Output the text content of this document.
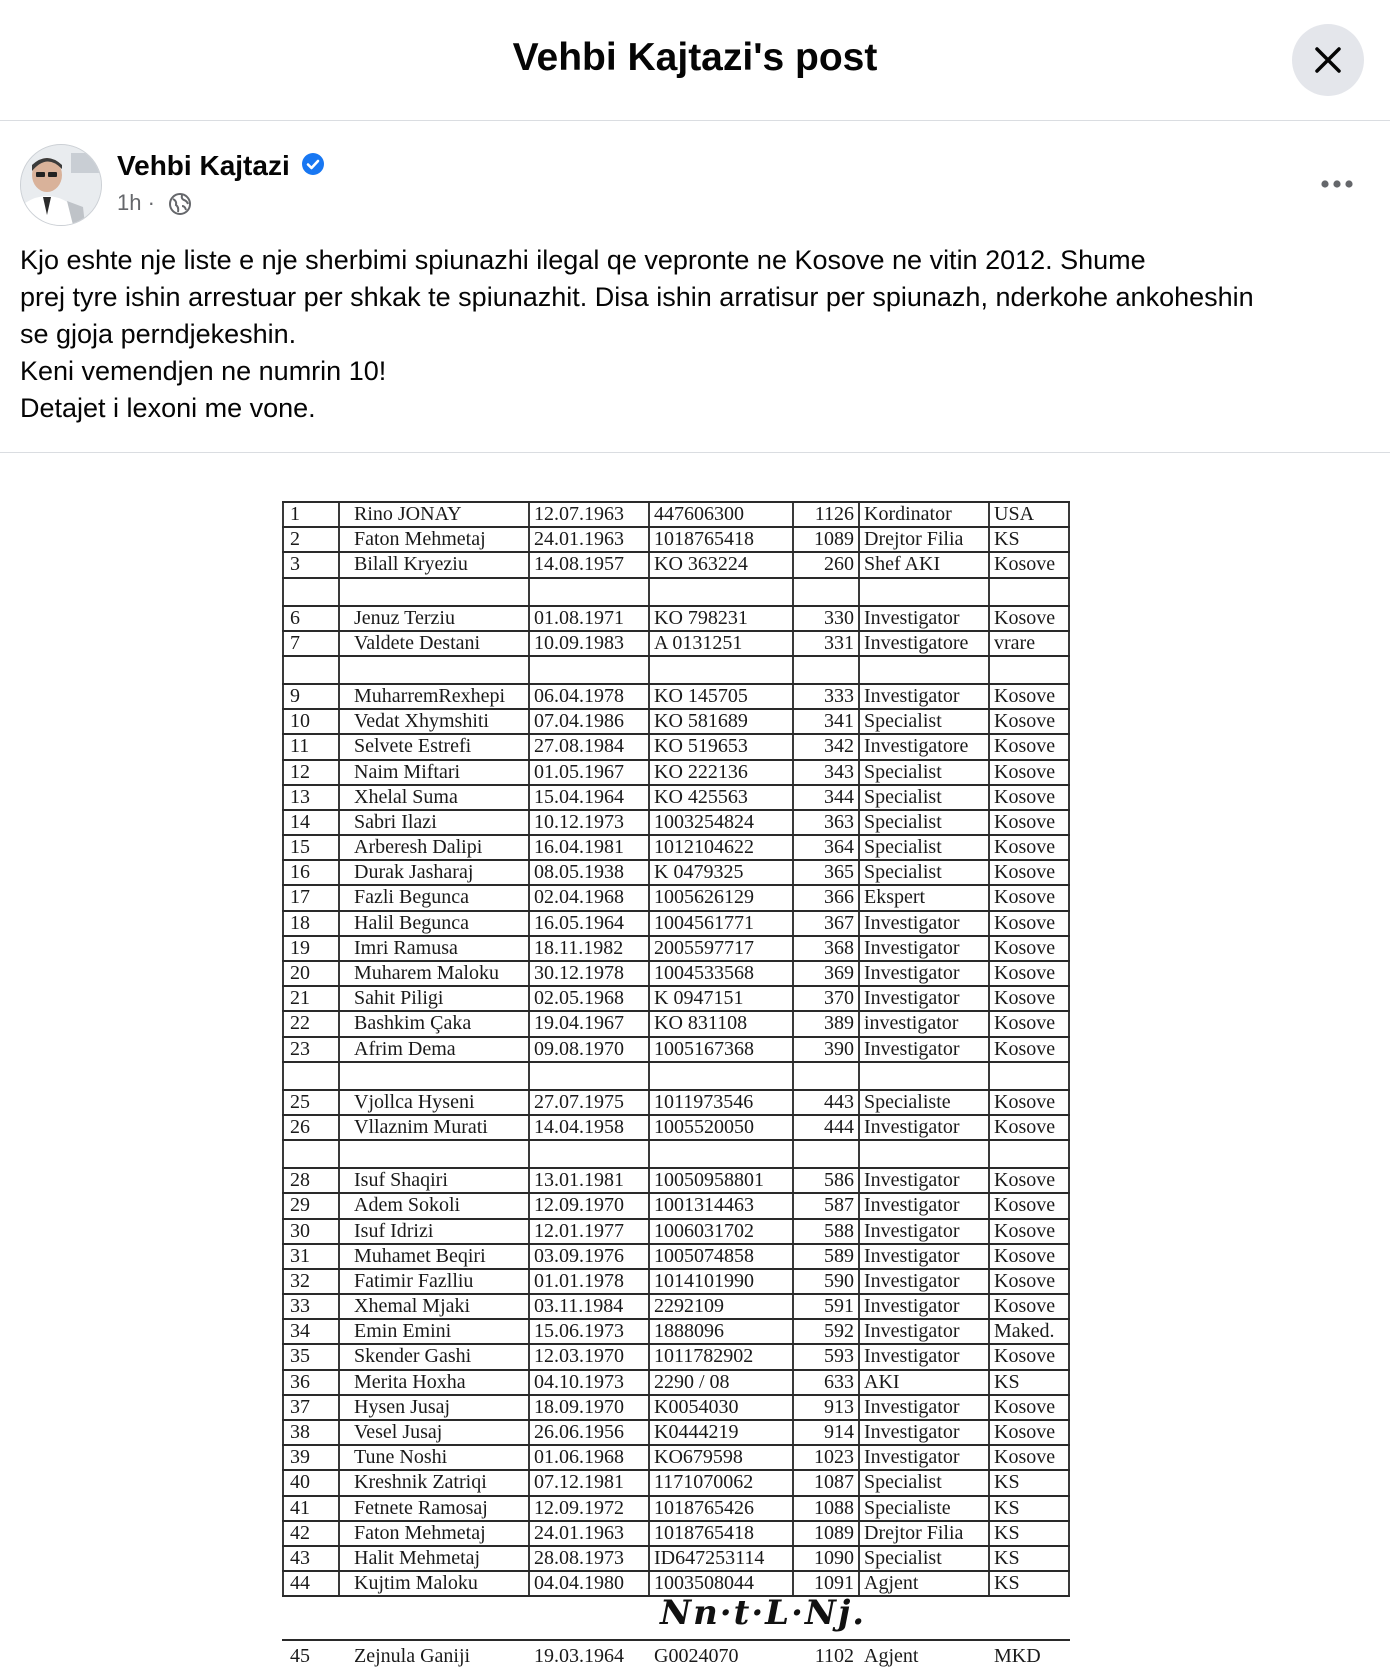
Vehbi Kajtazi's post
Vehbi Kajtazi
1h ·
Kjo eshte nje liste e nje sherbimi spiunazhi ilegal qe vepronte ne Kosove ne vitin 2012. Shume
prej tyre ishin arrestuar per shkak te spiunazhit. Disa ishin arratisur per spiunazh, nderkohe ankoheshin
se gjoja perndjekeshin.
Keni vemendjen ne numrin 10!
Detajet i lexoni me vone.
1	Rino JONAY	12.07.1963	447606300	1126 Kordinator	USA
2	Faton Mehmetaj	24.01.1963	1018765418	1089 Drejtor Filia	KS
3	Bilall Kryeziu	14.08.1957	KO 363224	260 Shef AKI	Kosove
6	Jenuz Terziu	01.08.1971	KO 798231	330 Investigator	Kosove
7	Valdete Destani	10.09.1983	A 0131251	331 Investigatore	vrare
9	MuharremRexhepi	06.04.1978	KO 145705	333 Investigator	Kosove
10	Vedat Xhymshiti	07.04.1986	KO 581689	341 Specialist	Kosove
11	Selvete Estrefi	27.08.1984	KO 519653	342 Investigatore	Kosove
12	Naim Miftari	01.05.1967	KO 222136	343 Specialist	Kosove
13	Xhelal Suma	15.04.1964	KO 425563	344 Specialist	Kosove
14	Sabri Ilazi	10.12.1973	1003254824	363 Specialist	Kosove
15	Arberesh Dalipi	16.04.1981	1012104622	364 Specialist	Kosove
16	Durak Jasharaj	08.05.1938	K 0479325	365 Specialist	Kosove
17	Fazli Begunca	02.04.1968	1005626129	366 Ekspert	Kosove
18	Halil Begunca	16.05.1964	1004561771	367 Investigator	Kosove
19	Imri Ramusa	18.11.1982	2005597717	368 Investigator	Kosove
20	Muharem Maloku	30.12.1978	1004533568	369 Investigator	Kosove
21	Sahit Piligi	02.05.1968	K 0947151	370 Investigator	Kosove
22	Bashkim Çaka	19.04.1967	KO 831108	389 investigator	Kosove
23	Afrim Dema	09.08.1970	1005167368	390 Investigator	Kosove
25	Vjollca Hyseni	27.07.1975	1011973546	443 Specialiste	Kosove
26	Vllaznim Murati	14.04.1958	1005520050	444 Investigator	Kosove
28	Isuf Shaqiri	13.01.1981	10050958801	586 Investigator	Kosove
29	Adem Sokoli	12.09.1970	1001314463	587 Investigator	Kosove
30	Isuf Idrizi	12.01.1977	1006031702	588 Investigator	Kosove
31	Muhamet Beqiri	03.09.1976	1005074858	589 Investigator	Kosove
32	Fatimir Fazlliu	01.01.1978	1014101990	590 Investigator	Kosove
33	Xhemal Mjaki	03.11.1984	2292109	591 Investigator	Kosove
34	Emin Emini	15.06.1973	1888096	592 Investigator	Maked.
35	Skender Gashi	12.03.1970	1011782902	593 Investigator	Kosove
36	Merita Hoxha	04.10.1973	2290 / 08	633 AKI	KS
37	Hysen Jusaj	18.09.1970	K0054030	913 Investigator	Kosove
38	Vesel Jusaj	26.06.1956	K0444219	914 Investigator	Kosove
39	Tune Noshi	01.06.1968	KO679598	1023 Investigator	Kosove
40	Kreshnik Zatriqi	07.12.1981	1171070062	1087 Specialist	KS
41	Fetnete Ramosaj	12.09.1972	1018765426	1088 Specialiste	KS
42	Faton Mehmetaj	24.01.1963	1018765418	1089 Drejtor Filia	KS
43	Halit Mehmetaj	28.08.1973	ID647253114	1090 Specialist	KS
44	Kujtim Maloku	04.04.1980	1003508044	1091 Agjent	KS
Nn·t·L·Nj.
45	Zejnula Ganiji	19.03.1964	G0024070	1102 Agjent	MKD
